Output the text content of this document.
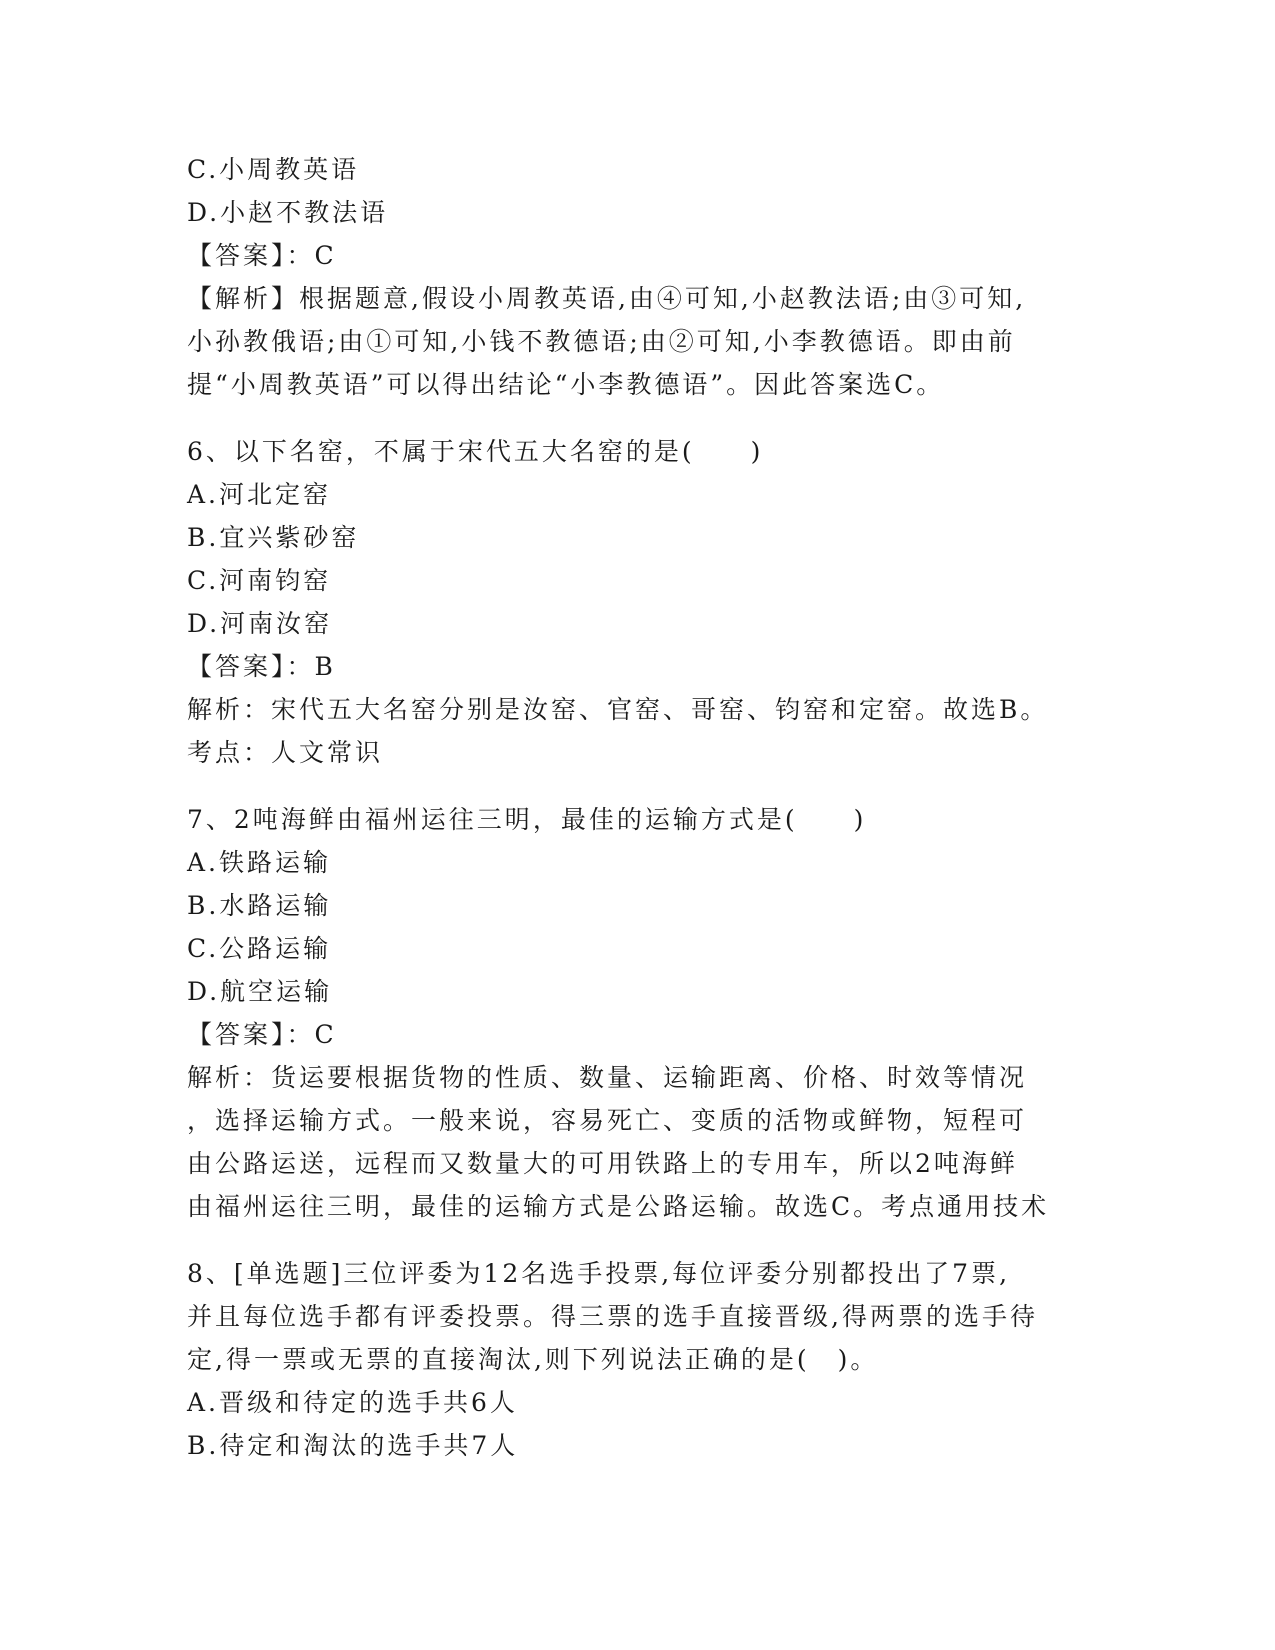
C.小周教英语
D.小赵不教法语
【答案】：C
【解析】根据题意,假设小周教英语,由④可知,小赵教法语;由③可知,
小孙教俄语;由①可知,小钱不教德语;由②可知,小李教德语。即由前
提“小周教英语”可以得出结论“小李教德语”。因此答案选C。
6、以下名窑，不属于宋代五大名窑的是(　　)
A.河北定窑
B.宜兴紫砂窑
C.河南钧窑
D.河南汝窑
【答案】：B
解析：宋代五大名窑分别是汝窑、官窑、哥窑、钧窑和定窑。故选B。
考点：人文常识
7、2吨海鲜由福州运往三明，最佳的运输方式是(　　)
A.铁路运输
B.水路运输
C.公路运输
D.航空运输
【答案】：C
解析：货运要根据货物的性质、数量、运输距离、价格、时效等情况
，选择运输方式。一般来说，容易死亡、变质的活物或鲜物，短程可
由公路运送，远程而又数量大的可用铁路上的专用车，所以2吨海鲜
由福州运往三明，最佳的运输方式是公路运输。故选C。考点通用技术
8、[单选题]三位评委为12名选手投票,每位评委分别都投出了7票,
并且每位选手都有评委投票。得三票的选手直接晋级,得两票的选手待
定,得一票或无票的直接淘汰,则下列说法正确的是(　)。
A.晋级和待定的选手共6人
B.待定和淘汰的选手共7人
